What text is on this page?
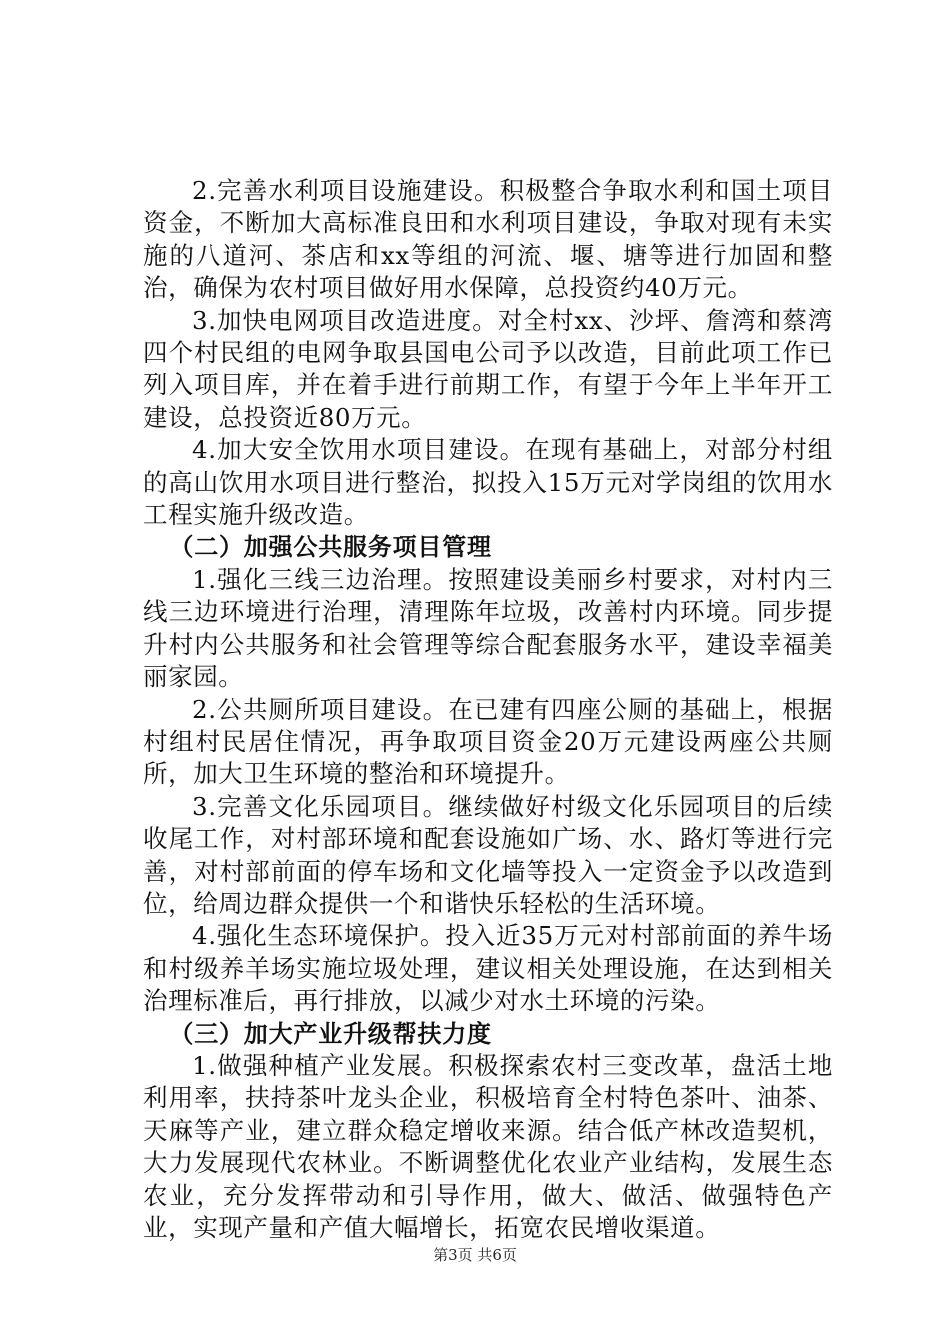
2.完善水利项目设施建设。积极整合争取水利和国土项目资金，不断加大高标准良田和水利项目建设，争取对现有未实施的八道河、茶店和xx等组的河流、堰、塘等进行加固和整治，确保为农村项目做好用水保障，总投资约40万元。

3.加快电网项目改造进度。对全村xx、沙坪、詹湾和蔡湾四个村民组的电网争取县国电公司予以改造，目前此项工作已列入项目库，并在着手进行前期工作，有望于今年上半年开工建设，总投资近80万元。

4.加大安全饮用水项目建设。在现有基础上，对部分村组的高山饮用水项目进行整治，拟投入15万元对学岗组的饮用水工程实施升级改造。

（二）加强公共服务项目管理

1.强化三线三边治理。按照建设美丽乡村要求，对村内三线三边环境进行治理，清理陈年垃圾，改善村内环境。同步提升村内公共服务和社会管理等综合配套服务水平，建设幸福美丽家园。

2.公共厕所项目建设。在已建有四座公厕的基础上，根据村组村民居住情况，再争取项目资金20万元建设两座公共厕所，加大卫生环境的整治和环境提升。

3.完善文化乐园项目。继续做好村级文化乐园项目的后续收尾工作，对村部环境和配套设施如广场、水、路灯等进行完善，对村部前面的停车场和文化墙等投入一定资金予以改造到位，给周边群众提供一个和谐快乐轻松的生活环境。

4.强化生态环境保护。投入近35万元对村部前面的养牛场和村级养羊场实施垃圾处理，建议相关处理设施，在达到相关治理标准后，再行排放，以减少对水土环境的污染。

（三）加大产业升级帮扶力度

1.做强种植产业发展。积极探索农村三变改革，盘活土地利用率，扶持茶叶龙头企业，积极培育全村特色茶叶、油茶、天麻等产业，建立群众稳定增收来源。结合低产林改造契机，大力发展现代农林业。不断调整优化农业产业结构，发展生态农业，充分发挥带动和引导作用，做大、做活、做强特色产业，实现产量和产值大幅增长，拓宽农民增收渠道。

第3页 共6页
